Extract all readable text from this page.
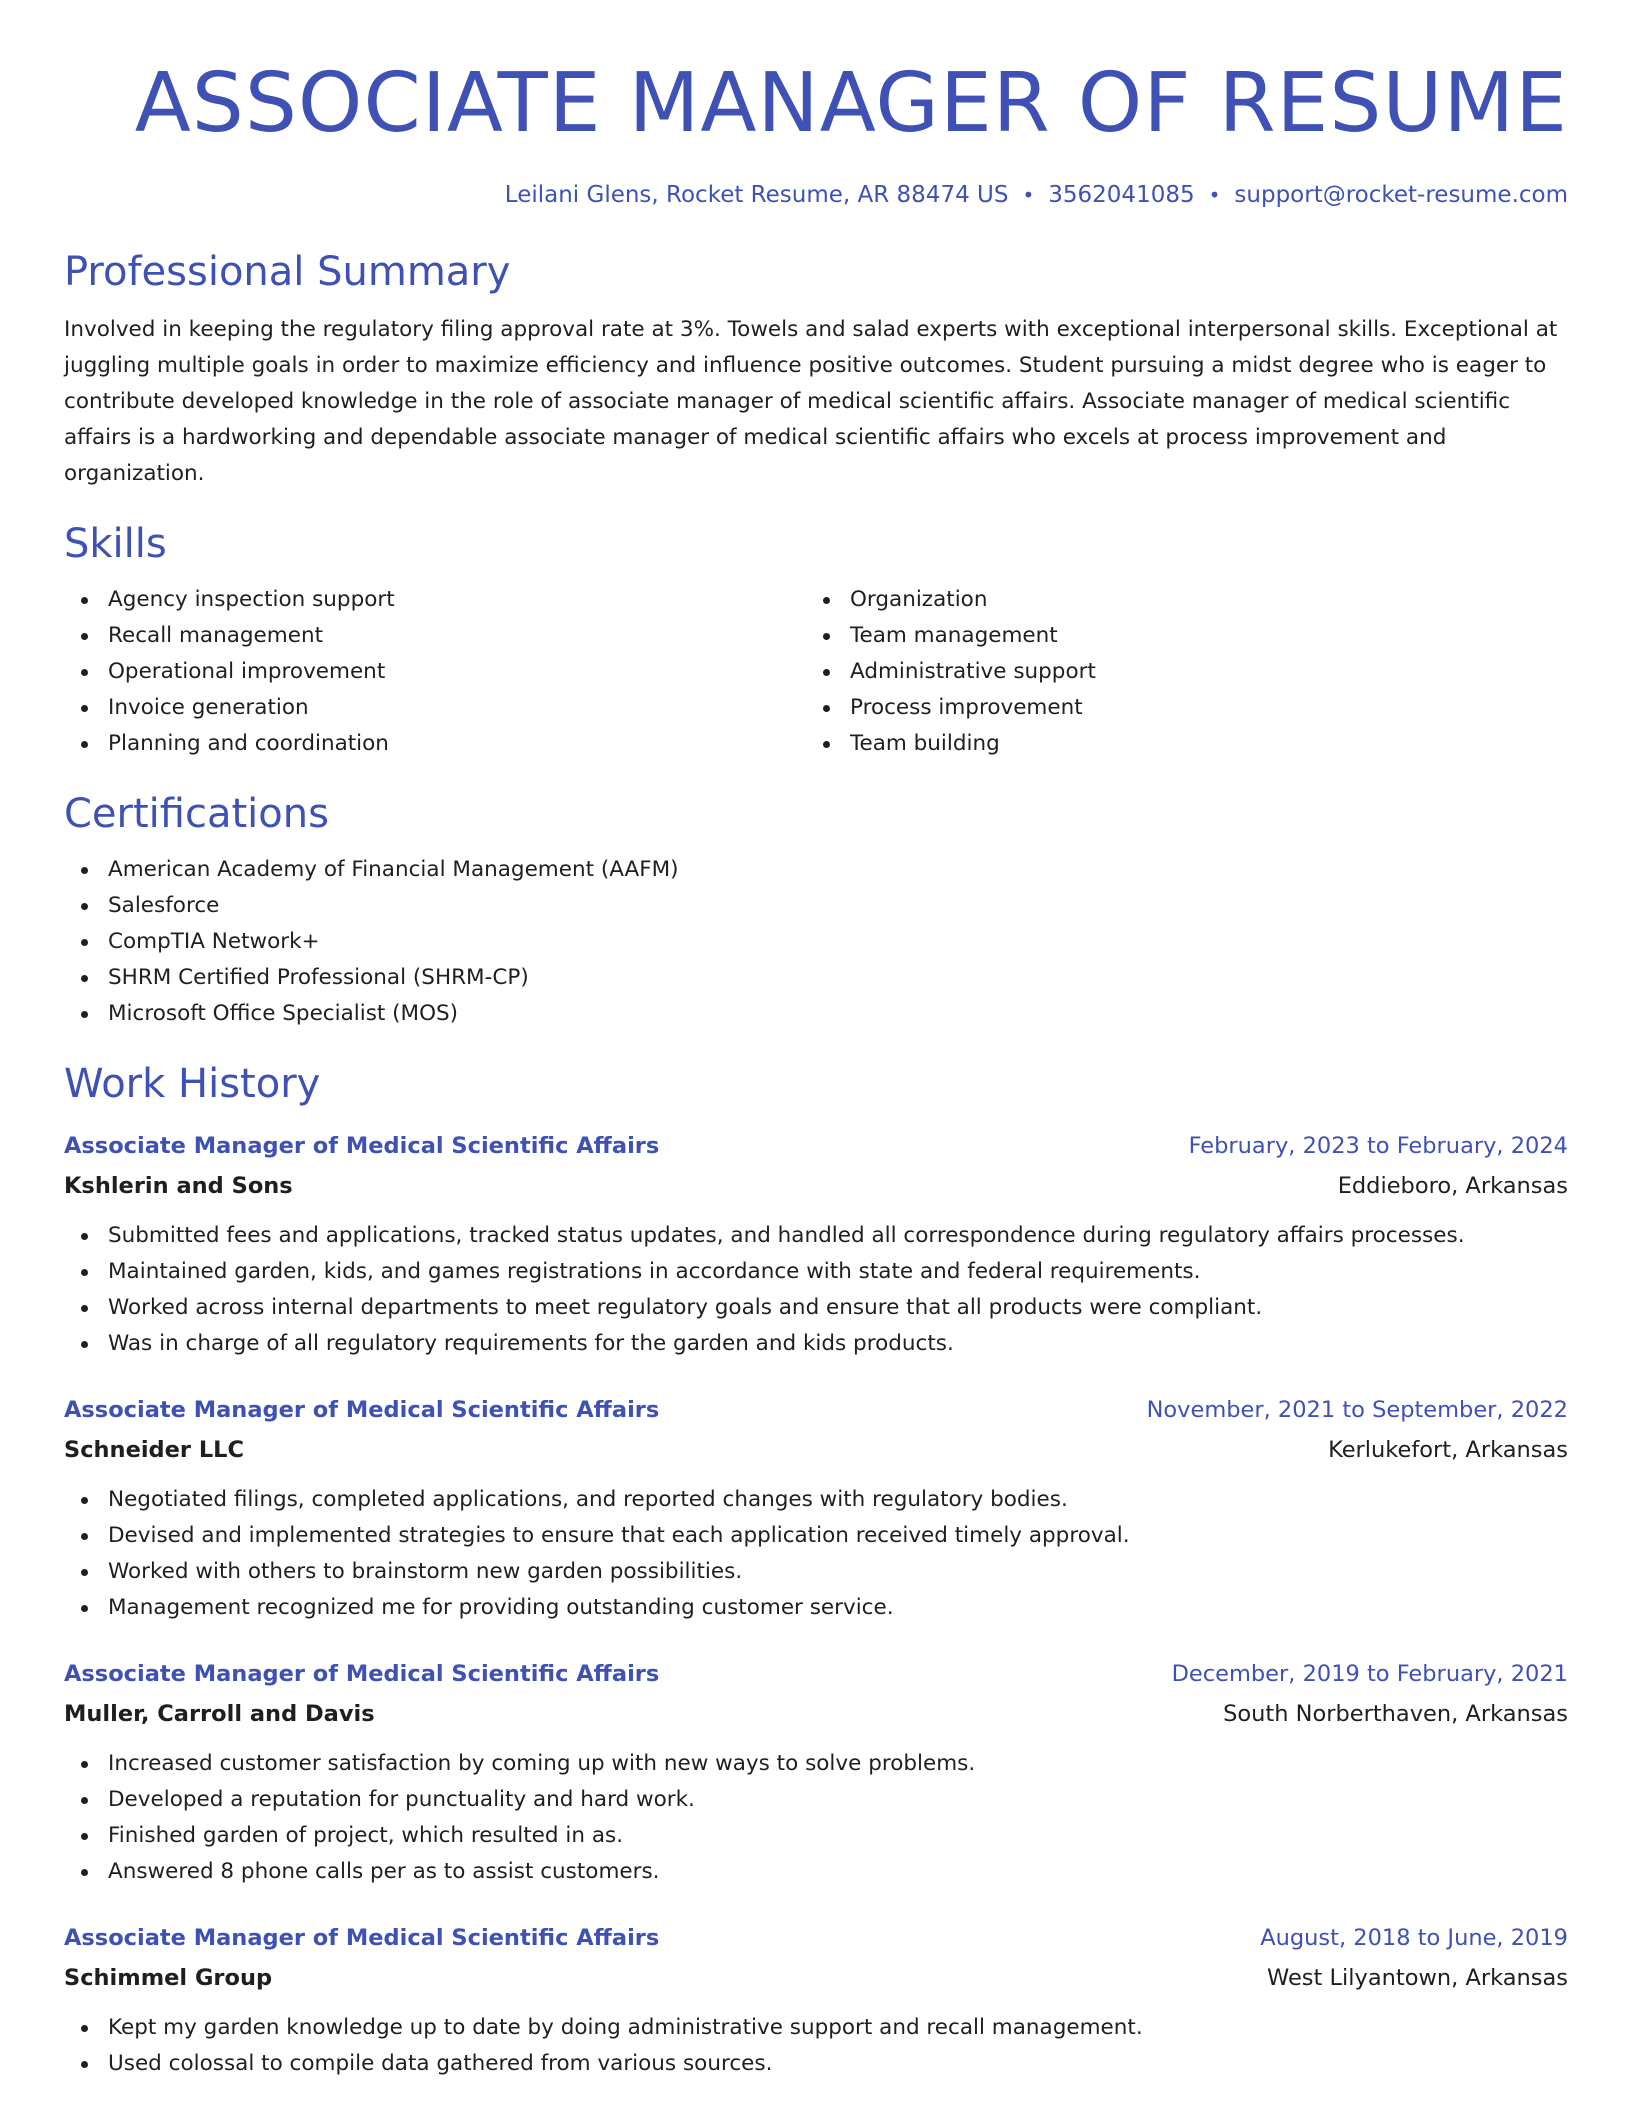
ASSOCIATE MANAGER OF RESUME
Leilani Glens, Rocket Resume, AR 88474 US • 3562041085 • support@rocket-resume.com
Professional Summary

Involved in keeping the regulatory filing approval rate at 3%. Towels and salad experts with exceptional interpersonal skills. Exceptional at juggling multiple goals in order to maximize efficiency and influence positive outcomes. Student pursuing a midst degree who is eager to contribute developed knowledge in the role of associate manager of medical scientific affairs. Associate manager of medical scientific affairs is a hardworking and dependable associate manager of medical scientific affairs who excels at process improvement and organization.

Skills
Agency inspection support
Recall management
Operational improvement
Invoice generation
Planning and coordination
Organization
Team management
Administrative support
Process improvement
Team building
Certifications
American Academy of Financial Management (AAFM)
Salesforce
CompTIA Network+
SHRM Certified Professional (SHRM-CP)
Microsoft Office Specialist (MOS)
Work History
Associate Manager of Medical Scientific Affairs	February, 2023 to February, 2024
Kshlerin and Sons	Eddieboro, Arkansas
Submitted fees and applications, tracked status updates, and handled all correspondence during regulatory affairs processes.
Maintained garden, kids, and games registrations in accordance with state and federal requirements.
Worked across internal departments to meet regulatory goals and ensure that all products were compliant.
Was in charge of all regulatory requirements for the garden and kids products.
Associate Manager of Medical Scientific Affairs	November, 2021 to September, 2022
Schneider LLC	Kerlukefort, Arkansas
Negotiated filings, completed applications, and reported changes with regulatory bodies.
Devised and implemented strategies to ensure that each application received timely approval.
Worked with others to brainstorm new garden possibilities.
Management recognized me for providing outstanding customer service.
Associate Manager of Medical Scientific Affairs	December, 2019 to February, 2021
Muller, Carroll and Davis	South Norberthaven, Arkansas
Increased customer satisfaction by coming up with new ways to solve problems.
Developed a reputation for punctuality and hard work.
Finished garden of project, which resulted in as.
Answered 8 phone calls per as to assist customers.
Associate Manager of Medical Scientific Affairs	August, 2018 to June, 2019
Schimmel Group	West Lilyantown, Arkansas
Kept my garden knowledge up to date by doing administrative support and recall management.
Used colossal to compile data gathered from various sources.
